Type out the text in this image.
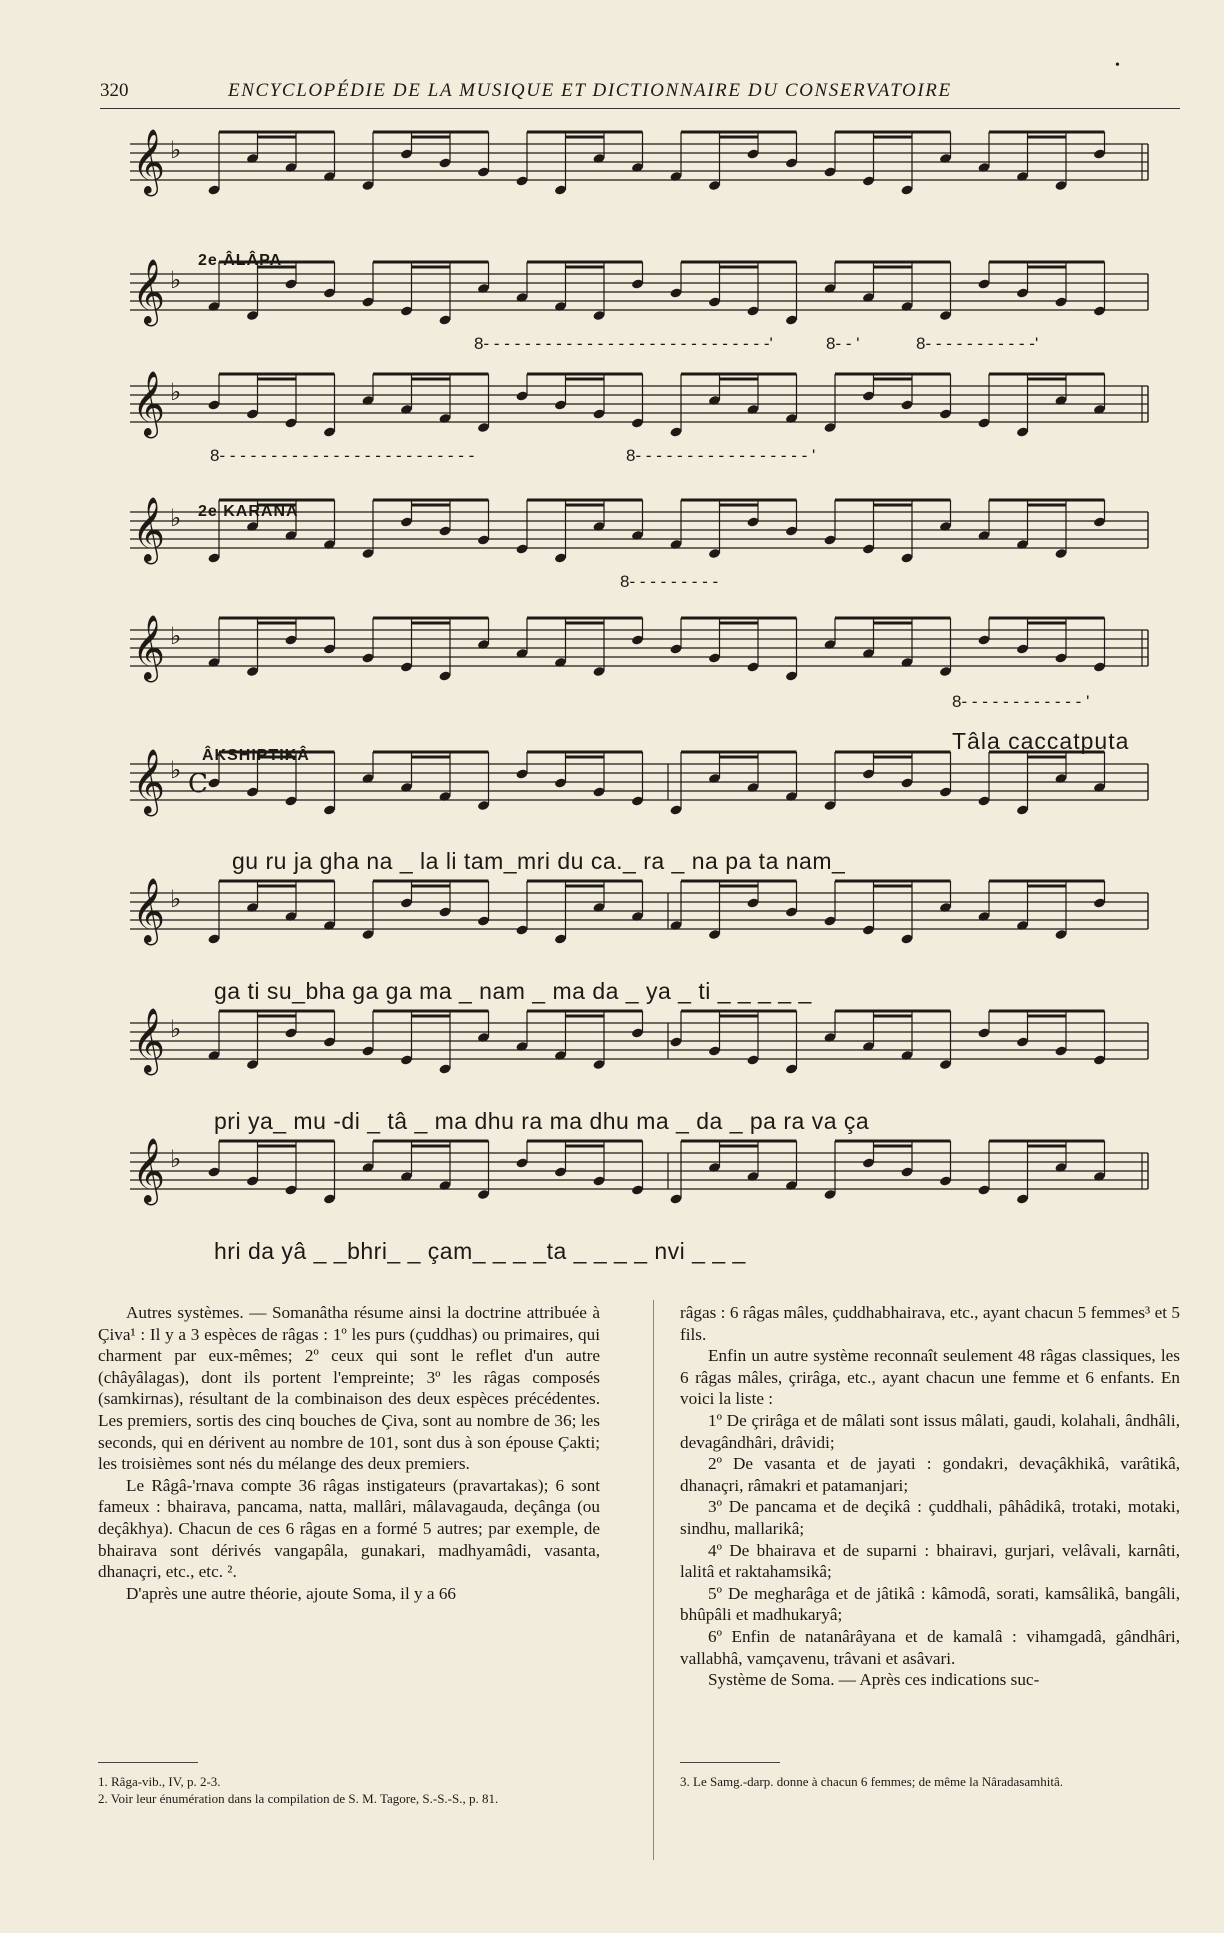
320	ENCYCLOPÉDIE DE LA MUSIQUE ET DICTIONNAIRE DU CONSERVATOIRE
•
𝄞 ♭
𝄞 ♭
𝄞 ♭
𝄞 ♭
𝄞 ♭
𝄞 ♭ C
𝄞 ♭
𝄞 ♭
𝄞 ♭
2e ÂLÂPA
2e KARANA
ÂKSHIPTIKÂ
Tâla caccatputa
8- - - - - - - - - - - - - - - - - - - - - - - - - - - -'	8- - '	8- - - - - - - - - - -'
8- - - - - - - - - - - - - - - - - - - - - - - - -	8- - - - - - - - - - - - - - - - - '
8- - - - - - - - -
8- - - - - - - - - - - - '
gu ru ja gha na _ la li tam_mri du ca._ ra _ na pa ta nam_
ga ti su_bha ga ga ma _ nam _ ma da _ ya _ ti _ _ _ _ _
pri ya_ mu -di _ tâ _ ma dhu ra ma dhu ma _ da _ pa ra va ça
hri da yâ _ _bhri_ _ çam_ _ _ _ta _ _ _ _ nvi _ _ _

Autres systèmes. — Somanâtha résume ainsi la doctrine attribuée à Çiva¹ : Il y a 3 espèces de râgas : 1º les purs (çuddhas) ou primaires, qui charment par eux-mêmes; 2º ceux qui sont le reflet d'un autre (châyâlagas), dont ils portent l'empreinte; 3º les râgas composés (samkirnas), résultant de la combinaison des deux espèces précédentes. Les premiers, sortis des cinq bouches de Çiva, sont au nombre de 36; les seconds, qui en dérivent au nombre de 101, sont dus à son épouse Çakti; les troisièmes sont nés du mélange des deux premiers.

Le Râgâ-'rnava compte 36 râgas instigateurs (pravartakas); 6 sont fameux : bhairava, pancama, natta, mallâri, mâlavagauda, deçânga (ou deçâkhya). Chacun de ces 6 râgas en a formé 5 autres; par exemple, de bhairava sont dérivés vangapâla, gunakari, madhyamâdi, vasanta, dhanaçri, etc., etc. ².

D'après une autre théorie, ajoute Soma, il y a 66

râgas : 6 râgas mâles, çuddhabhairava, etc., ayant chacun 5 femmes³ et 5 fils.

Enfin un autre système reconnaît seulement 48 râgas classiques, les 6 râgas mâles, çrirâga, etc., ayant chacun une femme et 6 enfants. En voici la liste :

1º De çrirâga et de mâlati sont issus mâlati, gaudi, kolahali, ândhâli, devagândhâri, drâvidi;

2º De vasanta et de jayati : gondakri, devaçâkhikâ, varâtikâ, dhanaçri, râmakri et patamanjari;

3º De pancama et de deçikâ : çuddhali, pâhâdikâ, trotaki, motaki, sindhu, mallarikâ;

4º De bhairava et de suparni : bhairavi, gurjari, velâvali, karnâti, lalitâ et raktahamsikâ;

5º De megharâga et de jâtikâ : kâmodâ, sorati, kamsâlikâ, bangâli, bhûpâli et madhukaryâ;

6º Enfin de natanârâyana et de kamalâ : vihamgadâ, gândhâri, vallabhâ, vamçavenu, trâvani et asâvari.

Système de Soma. — Après ces indications suc-

1. Râga-vib., IV, p. 2-3.
2. Voir leur énumération dans la compilation de S. M. Tagore, S.-S.-S., p. 81.
3. Le Samg.-darp. donne à chacun 6 femmes; de même la Nâradasamhitâ.
